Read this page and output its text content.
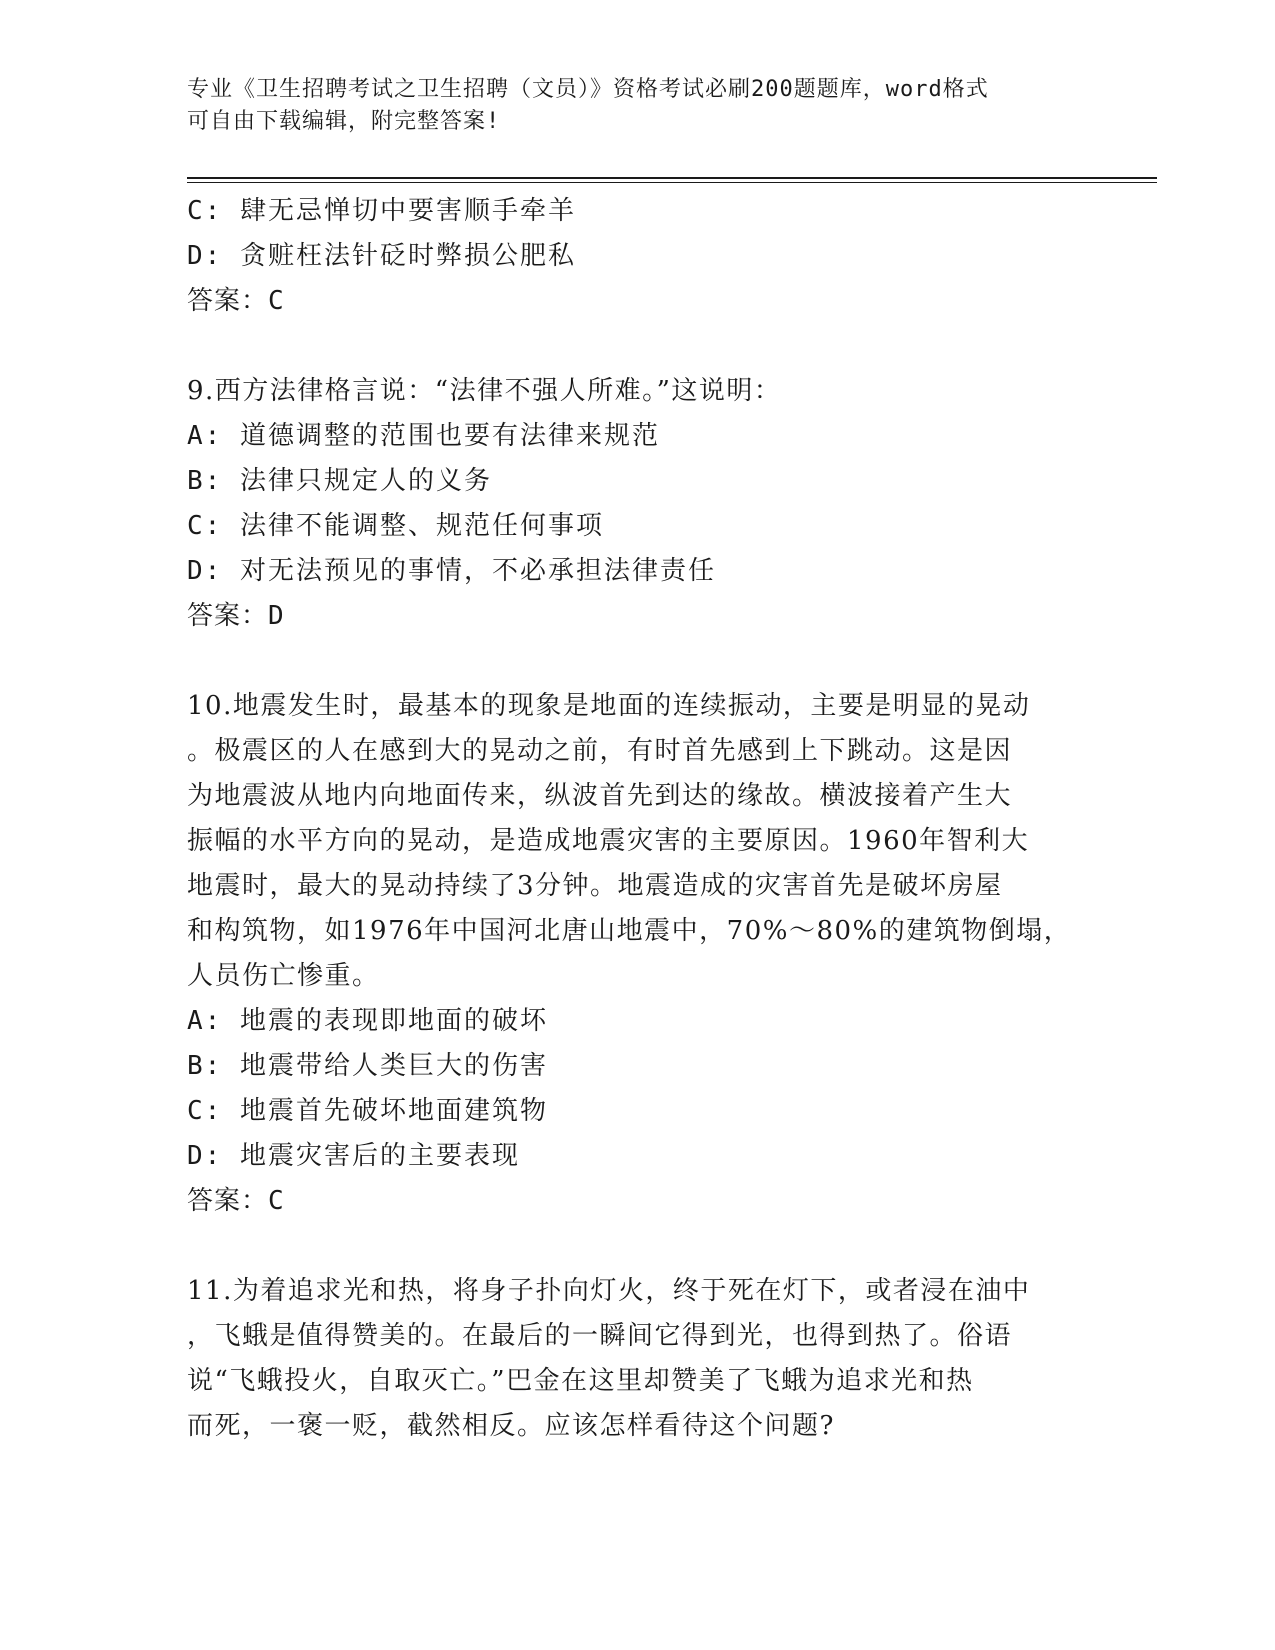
专业《卫生招聘考试之卫生招聘（文员）》资格考试必刷200题题库，word格式
可自由下载编辑，附完整答案!
C: 肆无忌惮切中要害顺手牵羊
D: 贪赃枉法针砭时弊损公肥私
答案：C
9.西方法律格言说：“法律不强人所难。”这说明：
A: 道德调整的范围也要有法律来规范
B: 法律只规定人的义务
C: 法律不能调整、规范任何事项
D: 对无法预见的事情，不必承担法律责任
答案：D
10.地震发生时，最基本的现象是地面的连续振动，主要是明显的晃动
。极震区的人在感到大的晃动之前，有时首先感到上下跳动。这是因
为地震波从地内向地面传来，纵波首先到达的缘故。横波接着产生大
振幅的水平方向的晃动，是造成地震灾害的主要原因。1960年智利大
地震时，最大的晃动持续了3分钟。地震造成的灾害首先是破坏房屋
和构筑物，如1976年中国河北唐山地震中，70%～80%的建筑物倒塌，
人员伤亡惨重。
A: 地震的表现即地面的破坏
B: 地震带给人类巨大的伤害
C: 地震首先破坏地面建筑物
D: 地震灾害后的主要表现
答案：C
11.为着追求光和热，将身子扑向灯火，终于死在灯下，或者浸在油中
，飞蛾是值得赞美的。在最后的一瞬间它得到光，也得到热了。俗语
说“飞蛾投火，自取灭亡。”巴金在这里却赞美了飞蛾为追求光和热
而死，一褒一贬，截然相反。应该怎样看待这个问题?
